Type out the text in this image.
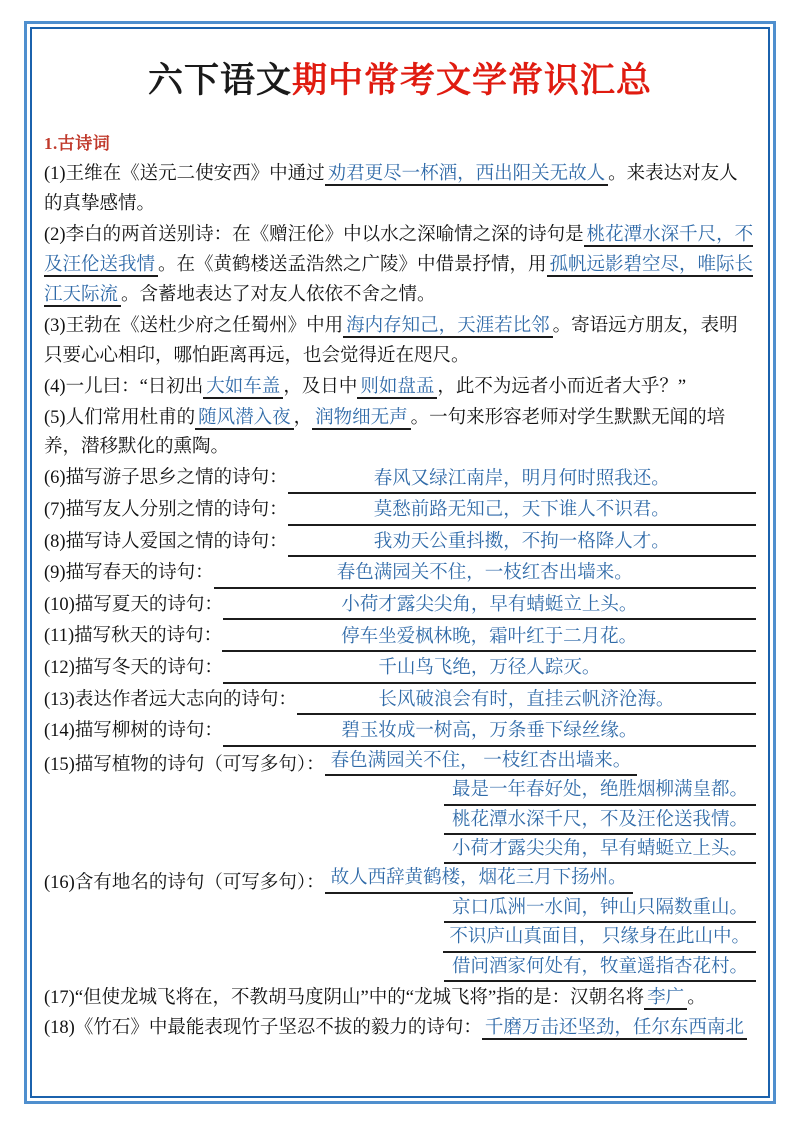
六下语文期中常考文学常识汇总
1.古诗词

(1)王维在《送元二使安西》中通过 劝君更尽一杯酒，西出阳关无故人 。来表达对友人的真挚感情。

(2)李白的两首送别诗：在《赠汪伦》中以水之深喻情之深的诗句是 桃花潭水深千尺，不及汪伦送我情 。在《黄鹤楼送孟浩然之广陵》中借景抒情，用 孤帆远影碧空尽，唯际长江天际流 。含蓄地表达了对友人依依不舍之情。

(3)王勃在《送杜少府之任蜀州》中用 海内存知己，天涯若比邻 。寄语远方朋友，表明只要心心相印，哪怕距离再远，也会觉得近在咫尺。

(4)一儿曰：“日初出 大如车盖 ，及日中 则如盘盂 ，此不为远者小而近者大乎？”

(5)人们常用杜甫的 随风潜入夜 ， 润物细无声 。一句来形容老师对学生默默无闻的培养，潜移默化的熏陶。

(6)描写游子思乡之情的诗句：	春风又绿江南岸，明月何时照我还。
(7)描写友人分别之情的诗句：	莫愁前路无知己，天下谁人不识君。
(8)描写诗人爱国之情的诗句：	我劝天公重抖擞，不拘一格降人才。
(9)描写春天的诗句：	春色满园关不住，一枝红杏出墙来。
(10)描写夏天的诗句：	小荷才露尖尖角，早有蜻蜓立上头。
(11)描写秋天的诗句：	停车坐爱枫林晚，霜叶红于二月花。
(12)描写冬天的诗句：	千山鸟飞绝，万径人踪灭。
(13)表达作者远大志向的诗句：	长风破浪会有时，直挂云帆济沧海。
(14)描写柳树的诗句：	碧玉妆成一树高，万条垂下绿丝缘。
(15)描写植物的诗句（可写多句）： 春色满园关不住， 一枝红杏出墙来。
最是一年春好处，绝胜烟柳满皇都。
桃花潭水深千尺，不及汪伦送我情。
小荷才露尖尖角，早有蜻蜓立上头。
(16)含有地名的诗句（可写多句）： 故人西辞黄鹤楼，烟花三月下扬州。
京口瓜洲一水间，钟山只隔数重山。
不识庐山真面目， 只缘身在此山中。
借问酒家何处有，牧童遥指杏花村。

(17)“但使龙城飞将在，不教胡马度阴山”中的“龙城飞将”指的是：汉朝名将 李广 。

(18)《竹石》中最能表现竹子坚忍不拔的毅力的诗句： 千磨万击还坚劲，任尔东西南北
